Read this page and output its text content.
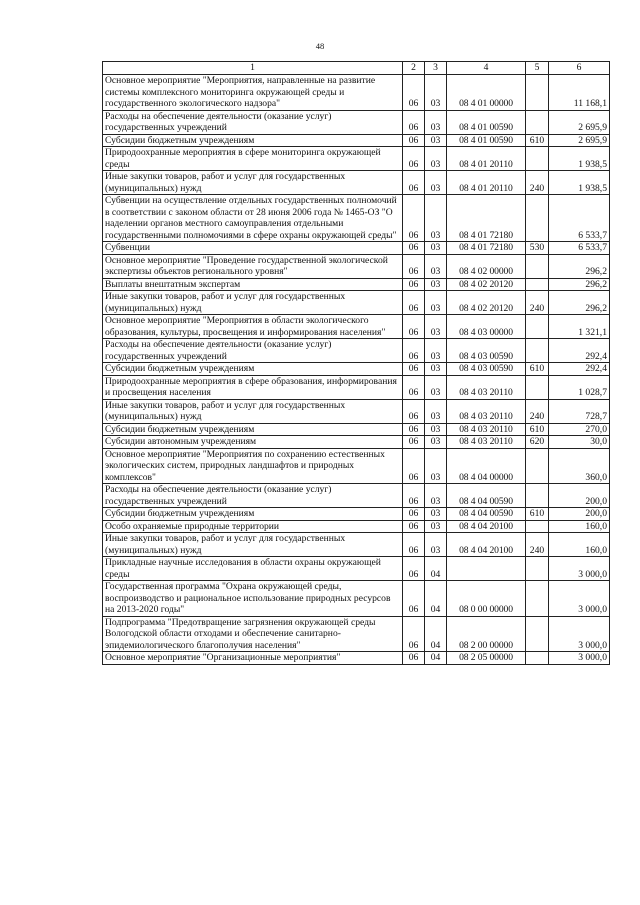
48
1	2	3	4	5	6
Основное мероприятие "Мероприятия, направленные на развитие системы комплексного мониторинга окружающей среды и государственного экологического надзора"	06	03	08 4 01 00000		11 168,1
Расходы на обеспечение деятельности (оказание услуг) государственных учреждений	06	03	08 4 01 00590		2 695,9
Субсидии бюджетным учреждениям	06	03	08 4 01 00590	610	2 695,9
Природоохранные мероприятия в сфере мониторинга окружающей среды	06	03	08 4 01 20110		1 938,5
Иные закупки товаров, работ и услуг для государственных (муниципальных) нужд	06	03	08 4 01 20110	240	1 938,5
Субвенции на осуществление отдельных государственных полномочий в соответствии с законом области от 28 июня 2006 года № 1465-ОЗ "О наделении органов местного самоуправления отдельными государственными полномочиями в сфере охраны окружающей среды"	06	03	08 4 01 72180		6 533,7
Субвенции	06	03	08 4 01 72180	530	6 533,7
Основное мероприятие "Проведение государственной экологической экспертизы объектов регионального уровня"	06	03	08 4 02 00000		296,2
Выплаты внештатным экспертам	06	03	08 4 02 20120		296,2
Иные закупки товаров, работ и услуг для государственных (муниципальных) нужд	06	03	08 4 02 20120	240	296,2
Основное мероприятие "Мероприятия в области экологического образования, культуры, просвещения и информирования населения"	06	03	08 4 03 00000		1 321,1
Расходы на обеспечение деятельности (оказание услуг) государственных учреждений	06	03	08 4 03 00590		292,4
Субсидии бюджетным учреждениям	06	03	08 4 03 00590	610	292,4
Природоохранные мероприятия в сфере образования, информирования и просвещения населения	06	03	08 4 03 20110		1 028,7
Иные закупки товаров, работ и услуг для государственных (муниципальных) нужд	06	03	08 4 03 20110	240	728,7
Субсидии бюджетным учреждениям	06	03	08 4 03 20110	610	270,0
Субсидии автономным учреждениям	06	03	08 4 03 20110	620	30,0
Основное мероприятие "Мероприятия по сохранению естественных экологических систем, природных ландшафтов и природных комплексов"	06	03	08 4 04 00000		360,0
Расходы на обеспечение деятельности (оказание услуг) государственных учреждений	06	03	08 4 04 00590		200,0
Субсидии бюджетным учреждениям	06	03	08 4 04 00590	610	200,0
Особо охраняемые природные территории	06	03	08 4 04 20100		160,0
Иные закупки товаров, работ и услуг для государственных (муниципальных) нужд	06	03	08 4 04 20100	240	160,0
Прикладные научные исследования в области охраны окружающей среды	06	04			3 000,0
Государственная программа "Охрана окружающей среды, воспроизводство и рациональное использование природных ресурсов на 2013-2020 годы"	06	04	08 0 00 00000		3 000,0
Подпрограмма "Предотвращение загрязнения окружающей среды Вологодской области отходами и обеспечение санитарно-эпидемиологического благополучия населения"	06	04	08 2 00 00000		3 000,0
Основное мероприятие "Организационные мероприятия"	06	04	08 2 05 00000		3 000,0
